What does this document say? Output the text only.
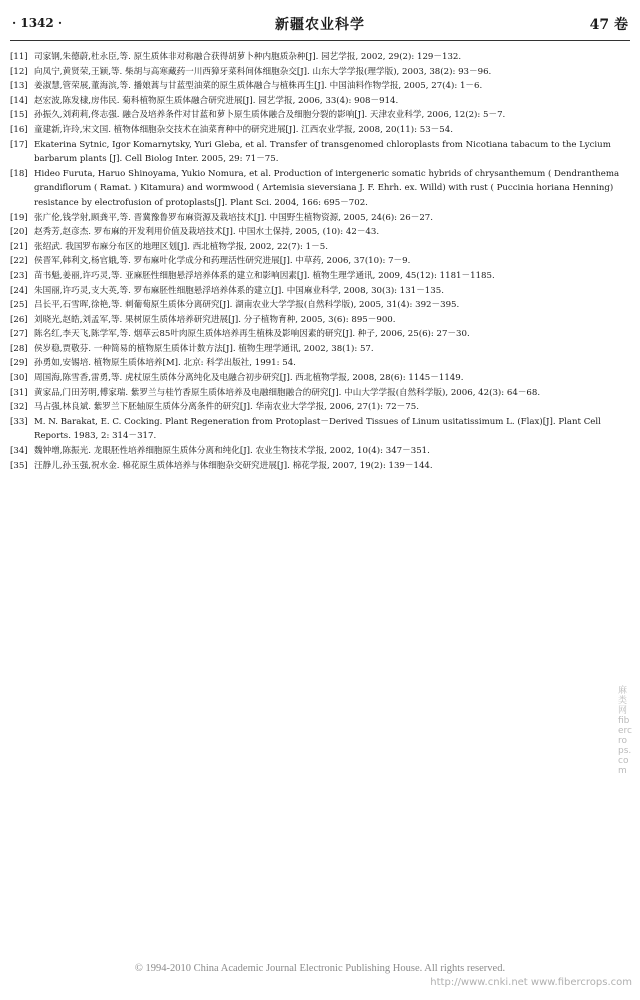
· 1342 ·	新疆农业科学	47 卷

[11] 司家钢,朱德蔚,杜永臣,等. 原生质体非对称融合获得胡萝卜种内胞质杂种[J]. 园艺学报, 2002, 29(2): 129－132.

[12] 向凤宁,黄贤荣,王颖,等. 柴胡与高寒藏药一川西獐牙菜科间体细胞杂交[J]. 山东大学学报(理学版), 2003, 38(2): 93－96.

[13] 姜淑慧,管荣展,董海滨,等. 播娘蒿与甘蓝型油菜的原生质体融合与植株再生[J]. 中国油料作物学报, 2005, 27(4): 1－6.

[14] 赵宏波,陈发棣,房伟民. 菊科植物原生质体融合研究进展[J]. 园艺学报, 2006, 33(4): 908－914.

[15] 孙振久,刘莉莉,佟志强. 融合及培养条件对甘蓝和萝卜原生质体融合及细胞分裂的影响[J]. 天津农业科学, 2006, 12(2): 5－7.

[16] 童建新,许玲,宋文国. 植物体细胞杂交技术在油菜育种中的研究进展[J]. 江西农业学报, 2008, 20(11): 53－54.

[17] Ekaterina Sytnic, Igor Komarnytsky, Yuri Gleba, et al. Transfer of transgenomed chloroplasts from Nicotiana tabacum to the Lycium barbarum plants [J]. Cell Biolog Inter. 2005, 29: 71－75.

[18] Hideo Furuta, Haruo Shinoyama, Yukio Nomura, et al. Production of intergeneric somatic hybrids of chrysanthemum ( Dendranthema grandiflorum ( Ramat. ) Kitamura) and wormwood ( Artemisia sieversiana J. F. Ehrh. ex. Willd) with rust ( Puccinia horiana Henning) resistance by electrofusion of protoplasts[J]. Plant Sci. 2004, 166: 695－702.

[19] 张广伦,钱学射,顾龚平,等. 晋冀豫鲁罗布麻资源及栽培技术[J]. 中国野生植物资源, 2005, 24(6): 26－27.

[20] 赵秀芳,赵彦杰. 罗布麻的开发利用价值及栽培技术[J]. 中国水土保持, 2005, (10): 42－43.

[21] 张绍武. 我国罗布麻分布区的地理区划[J]. 西北植物学报, 2002, 22(7): 1－5.

[22] 侯晋军,韩利文,杨官娥,等. 罗布麻叶化学成分和药理活性研究进展[J]. 中草药, 2006, 37(10): 7－9.

[23] 苗书魁,姜丽,许巧灵,等. 亚麻胚性细胞悬浮培养体系的建立和影响因素[J]. 植物生理学通讯, 2009, 45(12): 1181－1185.

[24] 朱国丽,许巧灵,支大英,等. 罗布麻胚性细胞悬浮培养体系的建立[J]. 中国麻业科学, 2008, 30(3): 131－135.

[25] 吕长平,石雪晖,徐艳,等. 刺葡萄原生质体分离研究[J]. 湖南农业大学学报(自然科学版), 2005, 31(4): 392－395.

[26] 刘晓光,赵皓,刘孟军,等. 果树原生质体培养研究进展[J]. 分子植物育种, 2005, 3(6): 895－900.

[27] 陈名红,李天飞,陈学军,等. 烟草云85叶肉原生质体培养再生植株及影响因素的研究[J]. 种子, 2006, 25(6): 27－30.

[28] 侯岁稳,贾敬芬. 一种简易的植物原生质体计数方法[J]. 植物生理学通讯, 2002, 38(1): 57.

[29] 孙勇如,安锡培. 植物原生质体培养[M]. 北京: 科学出版社, 1991: 54.

[30] 周国海,陈雪香,雷勇,等. 虎杖原生质体分离纯化及电融合初步研究[J]. 西北植物学报, 2008, 28(6): 1145－1149.

[31] 黄家品,门田芳明,傅家瑞. 紫罗兰与桂竹香原生质体培养及电融细胞融合的研究[J]. 中山大学学报(自然科学版), 2006, 42(3): 64－68.

[32] 马占强,林良斌. 紫罗兰下胚轴原生质体分离条件的研究[J]. 华南农业大学学报, 2006, 27(1): 72－75.

[33] M. N. Barakat, E. C. Cocking. Plant Regeneration from Protoplast－Derived Tissues of Linum usitatissimum L. (Flax)[J]. Plant Cell Reports. 1983, 2: 314－317.

[34] 魏钟增,陈振光. 龙眼胚性培养细胞原生质体分离和纯化[J]. 农业生物技术学报, 2002, 10(4): 347－351.

[35] 汪静儿,孙玉强,祝水金. 棉花原生质体培养与体细胞杂交研究进展[J]. 棉花学报, 2007, 19(2): 139－144.

麻类网 fibercrops.com
© 1994-2010 China Academic Journal Electronic Publishing House. All rights reserved.
http://www.cnki.net www.fibercrops.com
